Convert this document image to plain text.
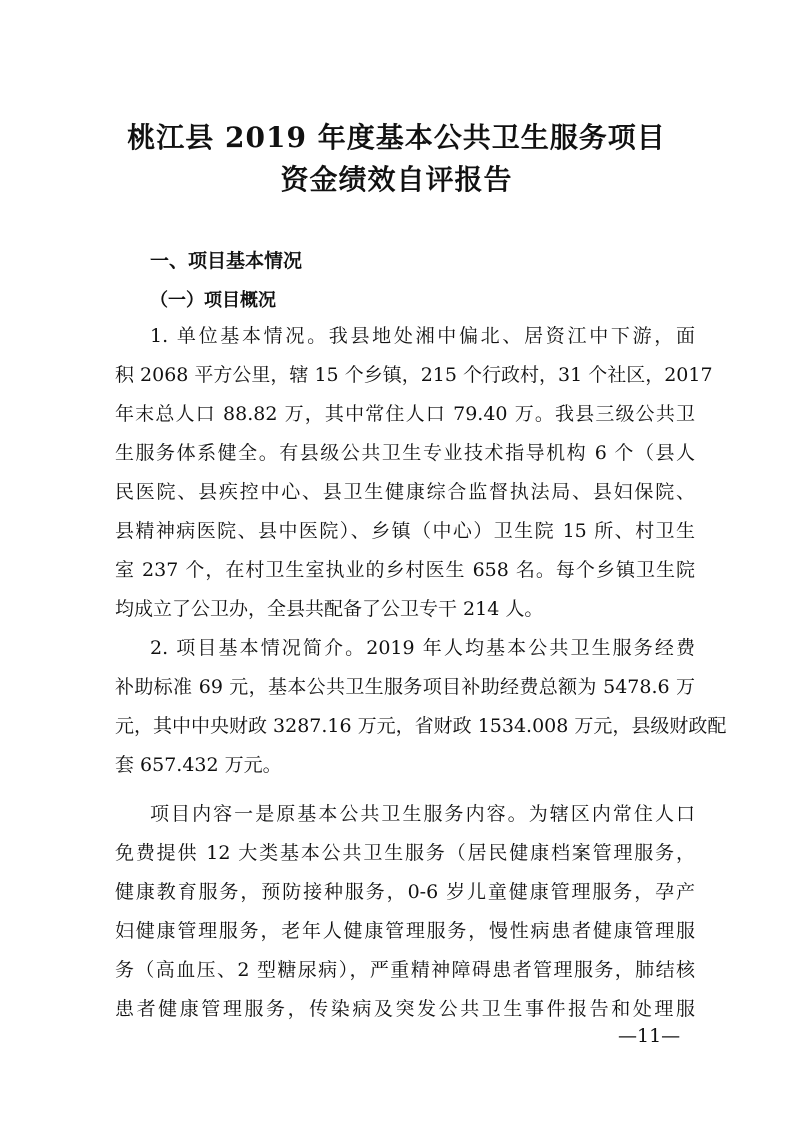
桃江县 2019 年度基本公共卫生服务项目
资金绩效自评报告
一、项目基本情况
（一）项目概况

1. 单位基本情况。我县地处湘中偏北、居资江中下游，面

积 2068 平方公里，辖 15 个乡镇，215 个行政村，31 个社区，2017

年末总人口 88.82 万，其中常住人口 79.40 万。我县三级公共卫

生服务体系健全。有县级公共卫生专业技术指导机构 6 个（县人

民医院、县疾控中心、县卫生健康综合监督执法局、县妇保院、

县精神病医院、县中医院）、乡镇（中心）卫生院 15 所、村卫生

室 237 个，在村卫生室执业的乡村医生 658 名。每个乡镇卫生院

均成立了公卫办，全县共配备了公卫专干 214 人。

2. 项目基本情况简介。2019 年人均基本公共卫生服务经费

补助标准 69 元，基本公共卫生服务项目补助经费总额为 5478.6 万

元，其中中央财政 3287.16 万元，省财政 1534.008 万元，县级财政配

套 657.432 万元。

项目内容一是原基本公共卫生服务内容。为辖区内常住人口

免费提供 12 大类基本公共卫生服务（居民健康档案管理服务，

健康教育服务，预防接种服务，0-6 岁儿童健康管理服务，孕产

妇健康管理服务，老年人健康管理服务，慢性病患者健康管理服

务（高血压、2 型糖尿病），严重精神障碍患者管理服务，肺结核

患者健康管理服务，传染病及突发公共卫生事件报告和处理服

—11—
